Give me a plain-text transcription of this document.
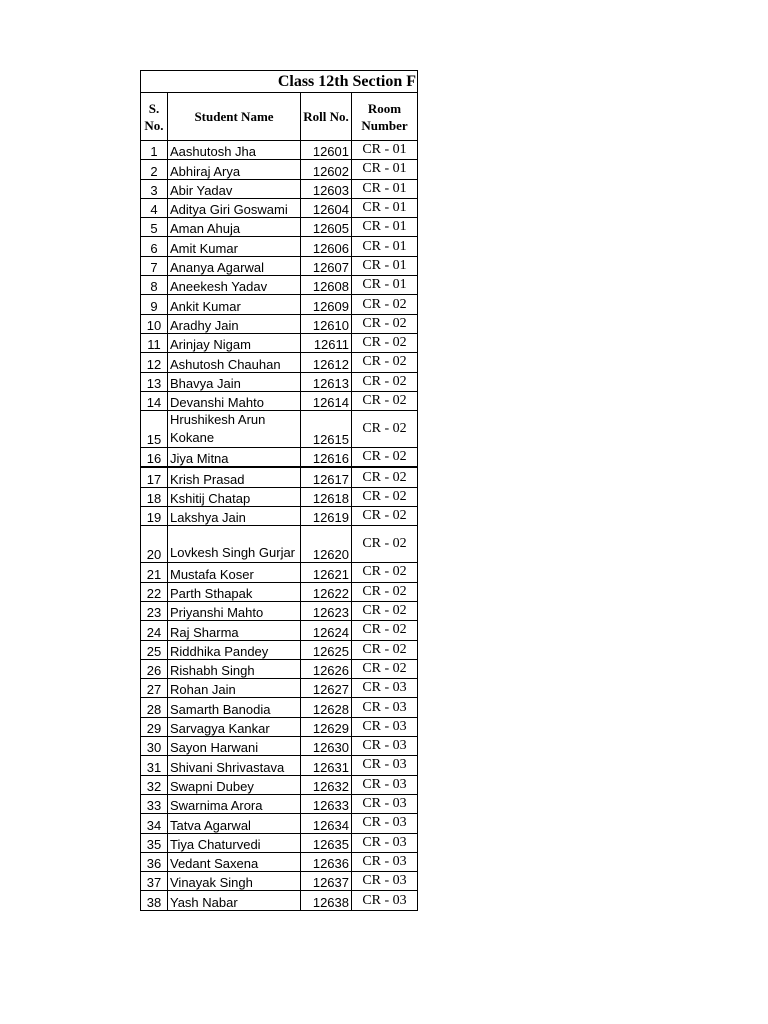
Class 12th Section F			
S. No.	Student Name	Roll No.	Room Number
1	Aashutosh Jha	12601	CR - 01
2	Abhiraj Arya	12602	CR - 01
3	Abir Yadav	12603	CR - 01
4	Aditya Giri Goswami	12604	CR - 01
5	Aman Ahuja	12605	CR - 01
6	Amit Kumar	12606	CR - 01
7	Ananya Agarwal	12607	CR - 01
8	Aneekesh Yadav	12608	CR - 01
9	Ankit Kumar	12609	CR - 02
10	Aradhy Jain	12610	CR - 02
11	Arinjay Nigam	12611	CR - 02
12	Ashutosh Chauhan	12612	CR - 02
13	Bhavya Jain	12613	CR - 02
14	Devanshi Mahto	12614	CR - 02
15	Hrushikesh Arun Kokane	12615	CR - 02
16	Jiya Mitna	12616	CR - 02
17	Krish Prasad	12617	CR - 02
18	Kshitij Chatap	12618	CR - 02
19	Lakshya Jain	12619	CR - 02
20	Lovkesh Singh Gurjar	12620	CR - 02
21	Mustafa Koser	12621	CR - 02
22	Parth Sthapak	12622	CR - 02
23	Priyanshi Mahto	12623	CR - 02
24	Raj Sharma	12624	CR - 02
25	Riddhika Pandey	12625	CR - 02
26	Rishabh Singh	12626	CR - 02
27	Rohan Jain	12627	CR - 03
28	Samarth Banodia	12628	CR - 03
29	Sarvagya Kankar	12629	CR - 03
30	Sayon Harwani	12630	CR - 03
31	Shivani Shrivastava	12631	CR - 03
32	Swapni Dubey	12632	CR - 03
33	Swarnima Arora	12633	CR - 03
34	Tatva Agarwal	12634	CR - 03
35	Tiya Chaturvedi	12635	CR - 03
36	Vedant Saxena	12636	CR - 03
37	Vinayak Singh	12637	CR - 03
38	Yash Nabar	12638	CR - 03
